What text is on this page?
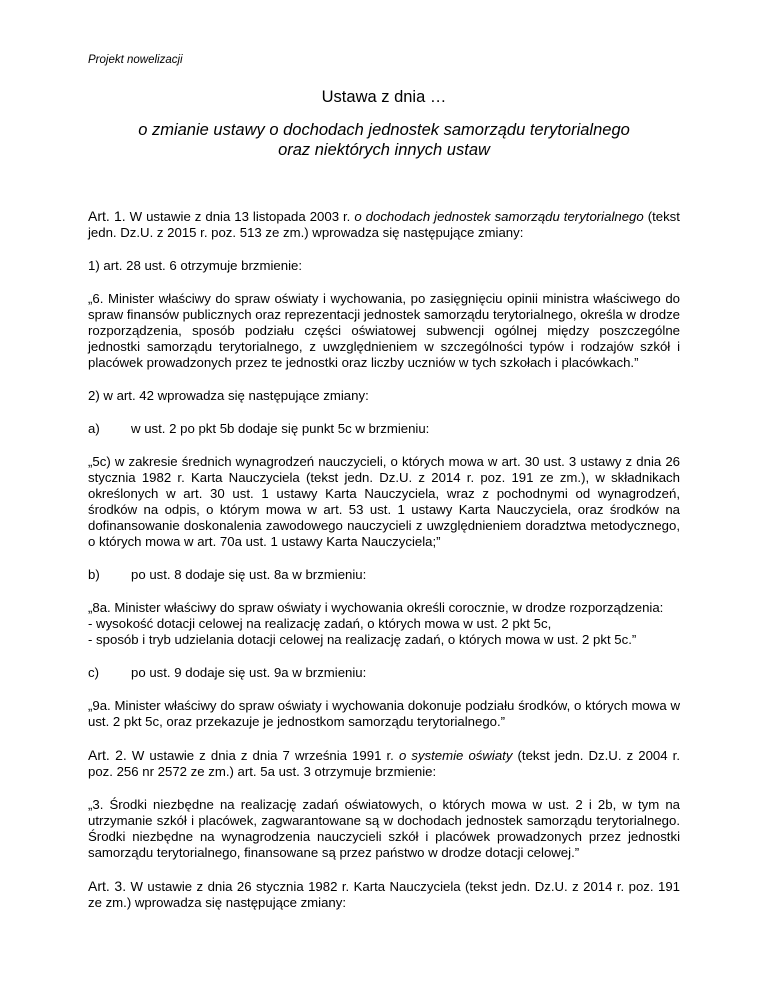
Projekt nowelizacji
Ustawa z dnia …
o zmianie ustawy o dochodach jednostek samorządu terytorialnego
oraz niektórych innych ustaw

Art. 1. W ustawie z dnia 13 listopada 2003 r. o dochodach jednostek samorządu terytorialnego (tekst jedn. Dz.U. z 2015 r. poz. 513 ze zm.) wprowadza się następujące zmiany:

1) art. 28 ust. 6 otrzymuje brzmienie:

„6. Minister właściwy do spraw oświaty i wychowania, po zasięgnięciu opinii ministra właściwego do spraw finansów publicznych oraz reprezentacji jednostek samorządu terytorialnego, określa w drodze rozporządzenia, sposób podziału części oświatowej subwencji ogólnej między poszczególne jednostki samorządu terytorialnego, z uwzględnieniem w szczególności typów i rodzajów szkół i placówek prowadzonych przez te jednostki oraz liczby uczniów w tych szkołach i placówkach.”

2) w art. 42 wprowadza się następujące zmiany:

a)	w ust. 2 po pkt 5b dodaje się punkt 5c w brzmieniu:

„5c) w zakresie średnich wynagrodzeń nauczycieli, o których mowa w art. 30 ust. 3 ustawy z dnia 26 stycznia 1982 r. Karta Nauczyciela (tekst jedn. Dz.U. z 2014 r. poz. 191 ze zm.), w składnikach określonych w art. 30 ust. 1 ustawy Karta Nauczyciela, wraz z pochodnymi od wynagrodzeń, środków na odpis, o którym mowa w art. 53 ust. 1 ustawy Karta Nauczyciela, oraz środków na dofinansowanie doskonalenia zawodowego nauczycieli z uwzględnieniem doradztwa metodycznego, o których mowa w art. 70a ust. 1 ustawy Karta Nauczyciela;”

b)	po ust. 8 dodaje się ust. 8a w brzmieniu:

„8a. Minister właściwy do spraw oświaty i wychowania określi corocznie, w drodze rozporządzenia:

- wysokość dotacji celowej na realizację zadań, o których mowa w ust. 2 pkt 5c,

- sposób i tryb udzielania dotacji celowej na realizację zadań, o których mowa w ust. 2 pkt 5c.”

c)	po ust. 9 dodaje się ust. 9a w brzmieniu:

„9a. Minister właściwy do spraw oświaty i wychowania dokonuje podziału środków, o których mowa w ust. 2 pkt 5c, oraz przekazuje je jednostkom samorządu terytorialnego.”

Art. 2. W ustawie z dnia z dnia 7 września 1991 r. o systemie oświaty (tekst jedn. Dz.U. z 2004 r. poz. 256 nr 2572 ze zm.) art. 5a ust. 3 otrzymuje brzmienie:

„3. Środki niezbędne na realizację zadań oświatowych, o których mowa w ust. 2 i 2b, w tym na utrzymanie szkół i placówek, zagwarantowane są w dochodach jednostek samorządu terytorialnego. Środki niezbędne na wynagrodzenia nauczycieli szkół i placówek prowadzonych przez jednostki samorządu terytorialnego, finansowane są przez państwo w drodze dotacji celowej.”

Art. 3. W ustawie z dnia 26 stycznia 1982 r. Karta Nauczyciela (tekst jedn. Dz.U. z 2014 r. poz. 191 ze zm.) wprowadza się następujące zmiany:
